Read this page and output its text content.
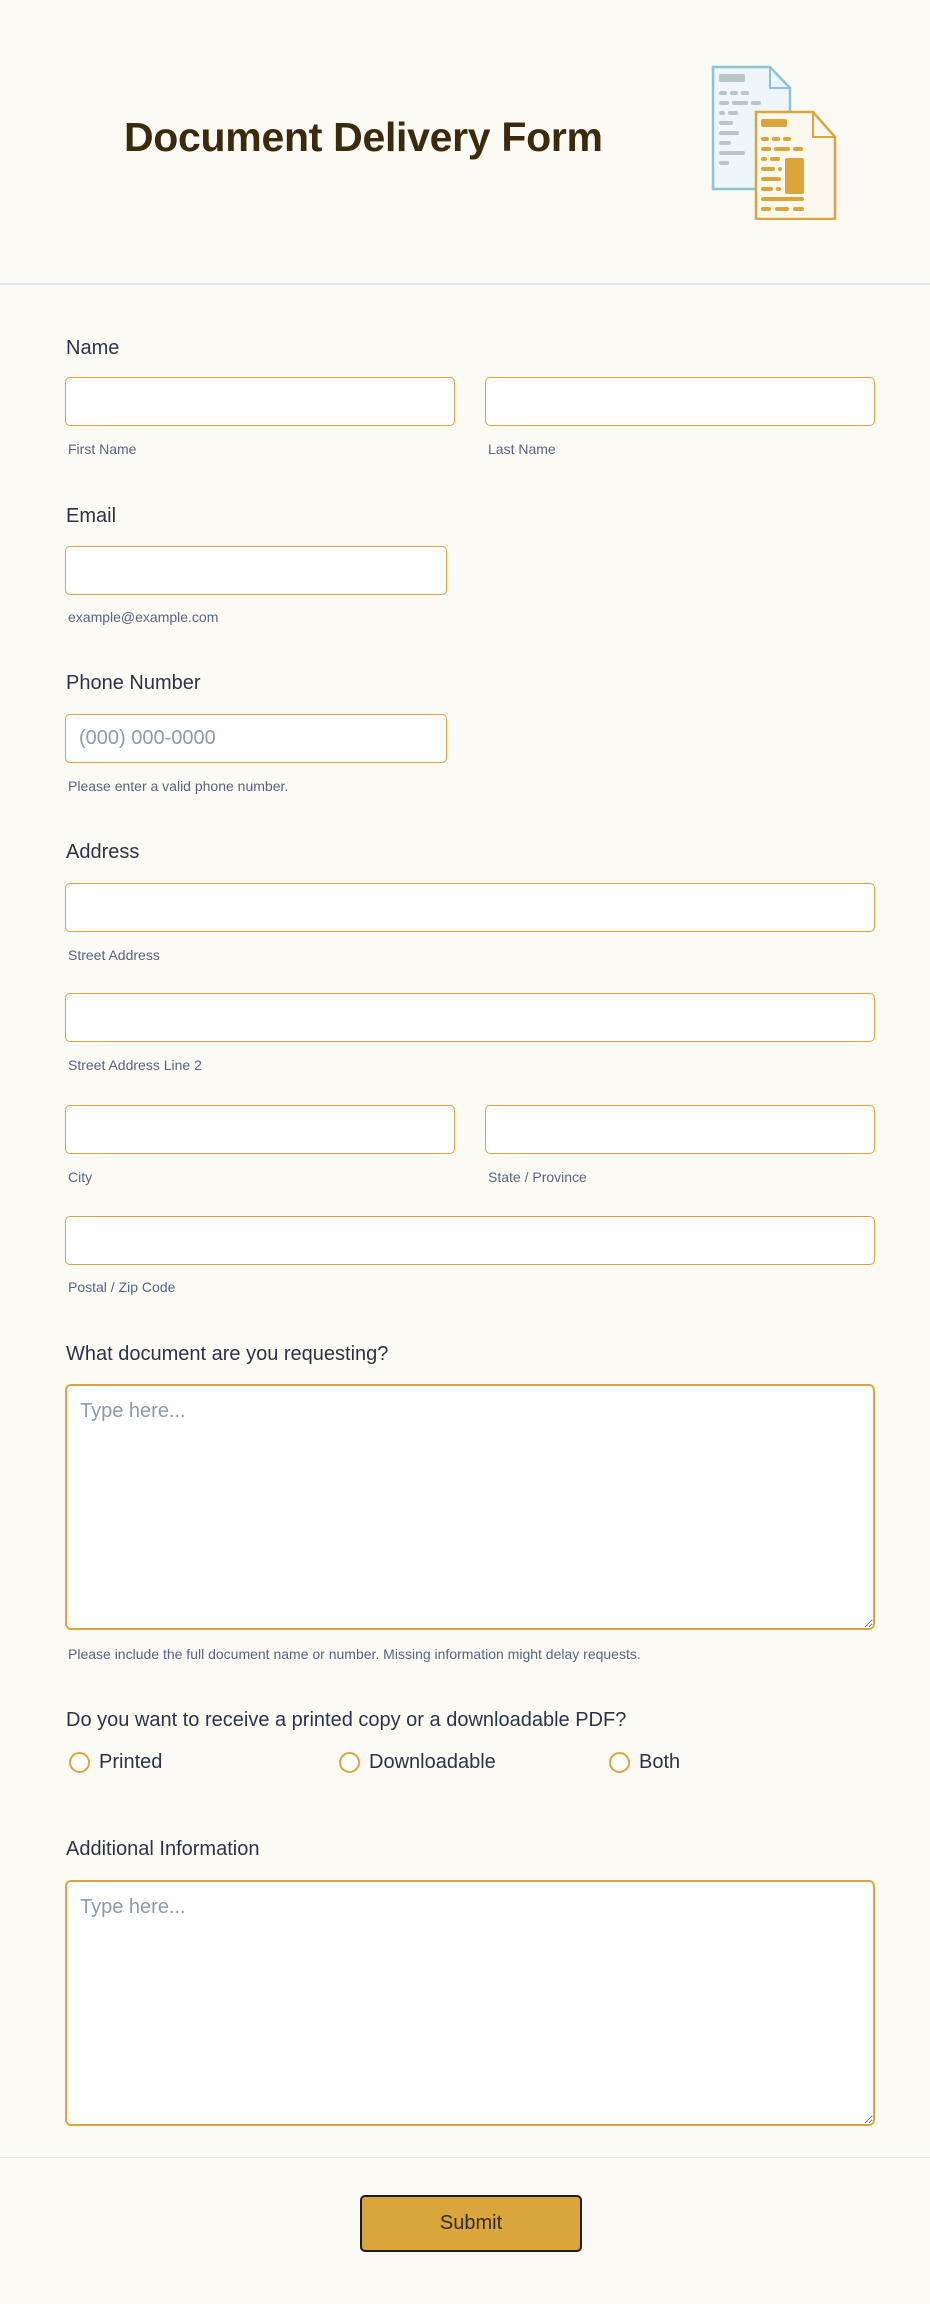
Document Delivery Form
Name
First Name	Last Name
Email
example@example.com
Phone Number
(000) 000-0000
Please enter a valid phone number.
Address
Street Address
Street Address Line 2
City	State / Province
Postal / Zip Code
What document are you requesting?
Type here...
Please include the full document name or number. Missing information might delay requests.
Do you want to receive a printed copy or a downloadable PDF?
Printed	Downloadable	Both
Additional Information
Type here...
Submit
